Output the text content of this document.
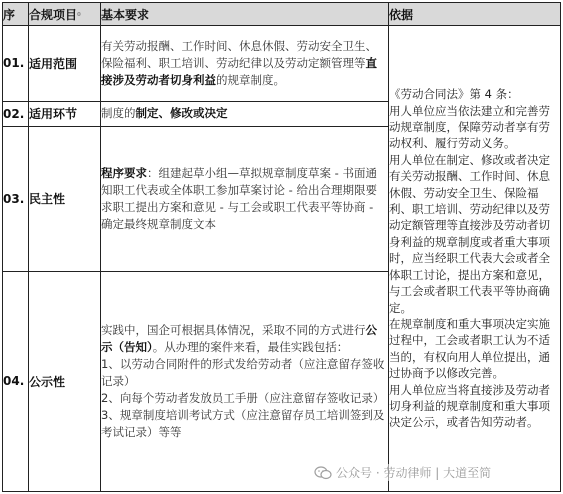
序	合规项目⁰	基本要求	依据
01.	适用范围	有关劳动报酬、工作时间、休息休假、劳动安全卫生、保险福利、职工培训、劳动纪律以及劳动定额管理等直接涉及劳动者切身利益的规章制度。	《劳动合同法》第 4 条：
用人单位应当依法建立和完善劳动规章制度，保障劳动者享有劳动权利、履行劳动义务。
用人单位在制定、修改或者决定有关劳动报酬、工作时间、休息休假、劳动安全卫生、保险福利、职工培训、劳动纪律以及劳动定额管理等直接涉及劳动者切身利益的规章制度或者重大事项时，应当经职工代表大会或者全体职工讨论，提出方案和意见，与工会或者职工代表平等协商确定。
在规章制度和重大事项决定实施过程中，工会或者职工认为不适当的，有权向用人单位提出，通过协商予以修改完善。
用人单位应当将直接涉及劳动者切身利益的规章制度和重大事项决定公示，或者告知劳动者。

02.	适用环节	制度的制定、修改或决定	
03.	民主性	程序要求：组建起草小组—草拟规章制度草案 - 书面通知职工代表或全体职工参加草案讨论 - 给出合理期限要求职工提出方案和意见 - 与工会或职工代表平等协商 - 确定最终规章制度文本	
04.	公示性	实践中，国企可根据具体情况，采取不同的方式进行公示（告知）。从办理的案件来看，最佳实践包括：
1、以劳动合同附件的形式发给劳动者（应注意留存签收记录）
2、向每个劳动者发放员工手册（应注意留存签收记录）
3、规章制度培训考试方式（应注意留存员工培训签到及考试记录）等等	
公众号 · 劳动律师 | 大道至简
